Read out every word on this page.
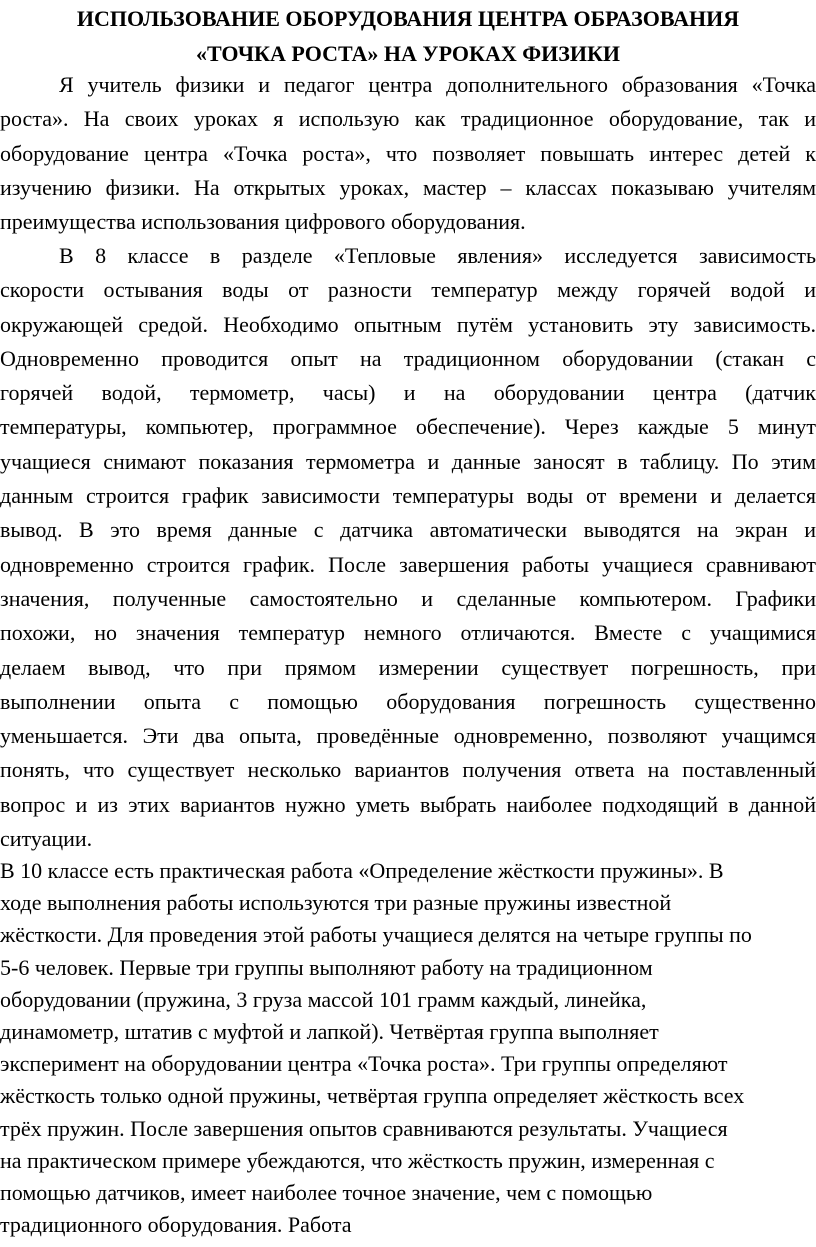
ИСПОЛЬЗОВАНИЕ ОБОРУДОВАНИЯ ЦЕНТРА ОБРАЗОВАНИЯ
«ТОЧКА РОСТА» НА УРОКАХ ФИЗИКИ
Я учитель физики и педагог центра дополнительного образования «Точка
роста». На своих уроках я использую как традиционное оборудование, так и
оборудование центра «Точка роста», что позволяет повышать интерес детей к
изучению физики. На открытых уроках, мастер – классах показываю учителям
преимущества использования цифрового оборудования.
В 8 классе в разделе «Тепловые явления» исследуется зависимость
скорости остывания воды от разности температур между горячей водой и
окружающей средой. Необходимо опытным путём установить эту зависимость.
Одновременно проводится опыт на традиционном оборудовании (стакан с
горячей водой, термометр, часы) и на оборудовании центра (датчик
температуры, компьютер, программное обеспечение). Через каждые 5 минут
учащиеся снимают показания термометра и данные заносят в таблицу. По этим
данным строится график зависимости температуры воды от времени и делается
вывод. В это время данные с датчика автоматически выводятся на экран и
одновременно строится график. После завершения работы учащиеся сравнивают
значения, полученные самостоятельно и сделанные компьютером. Графики
похожи, но значения температур немного отличаются. Вместе с учащимися
делаем вывод, что при прямом измерении существует погрешность, при
выполнении опыта с помощью оборудования погрешность существенно
уменьшается. Эти два опыта, проведённые одновременно, позволяют учащимся
понять, что существует несколько вариантов получения ответа на поставленный
вопрос и из этих вариантов нужно уметь выбрать наиболее подходящий в данной
ситуации.
В 10 классе есть практическая работа «Определение жёсткости пружины». В
ходе выполнения работы используются три разные пружины известной
жёсткости. Для проведения этой работы учащиеся делятся на четыре группы по
5-6 человек. Первые три группы выполняют работу на традиционном
оборудовании (пружина, 3 груза массой 101 грамм каждый, линейка,
динамометр, штатив с муфтой и лапкой). Четвёртая группа выполняет
эксперимент на оборудовании центра «Точка роста». Три группы определяют
жёсткость только одной пружины, четвёртая группа определяет жёсткость всех
трёх пружин. После завершения опытов сравниваются результаты. Учащиеся
на практическом примере убеждаются, что жёсткость пружин, измеренная с
помощью датчиков, имеет наиболее точное значение, чем с помощью
традиционного оборудования. Работа
